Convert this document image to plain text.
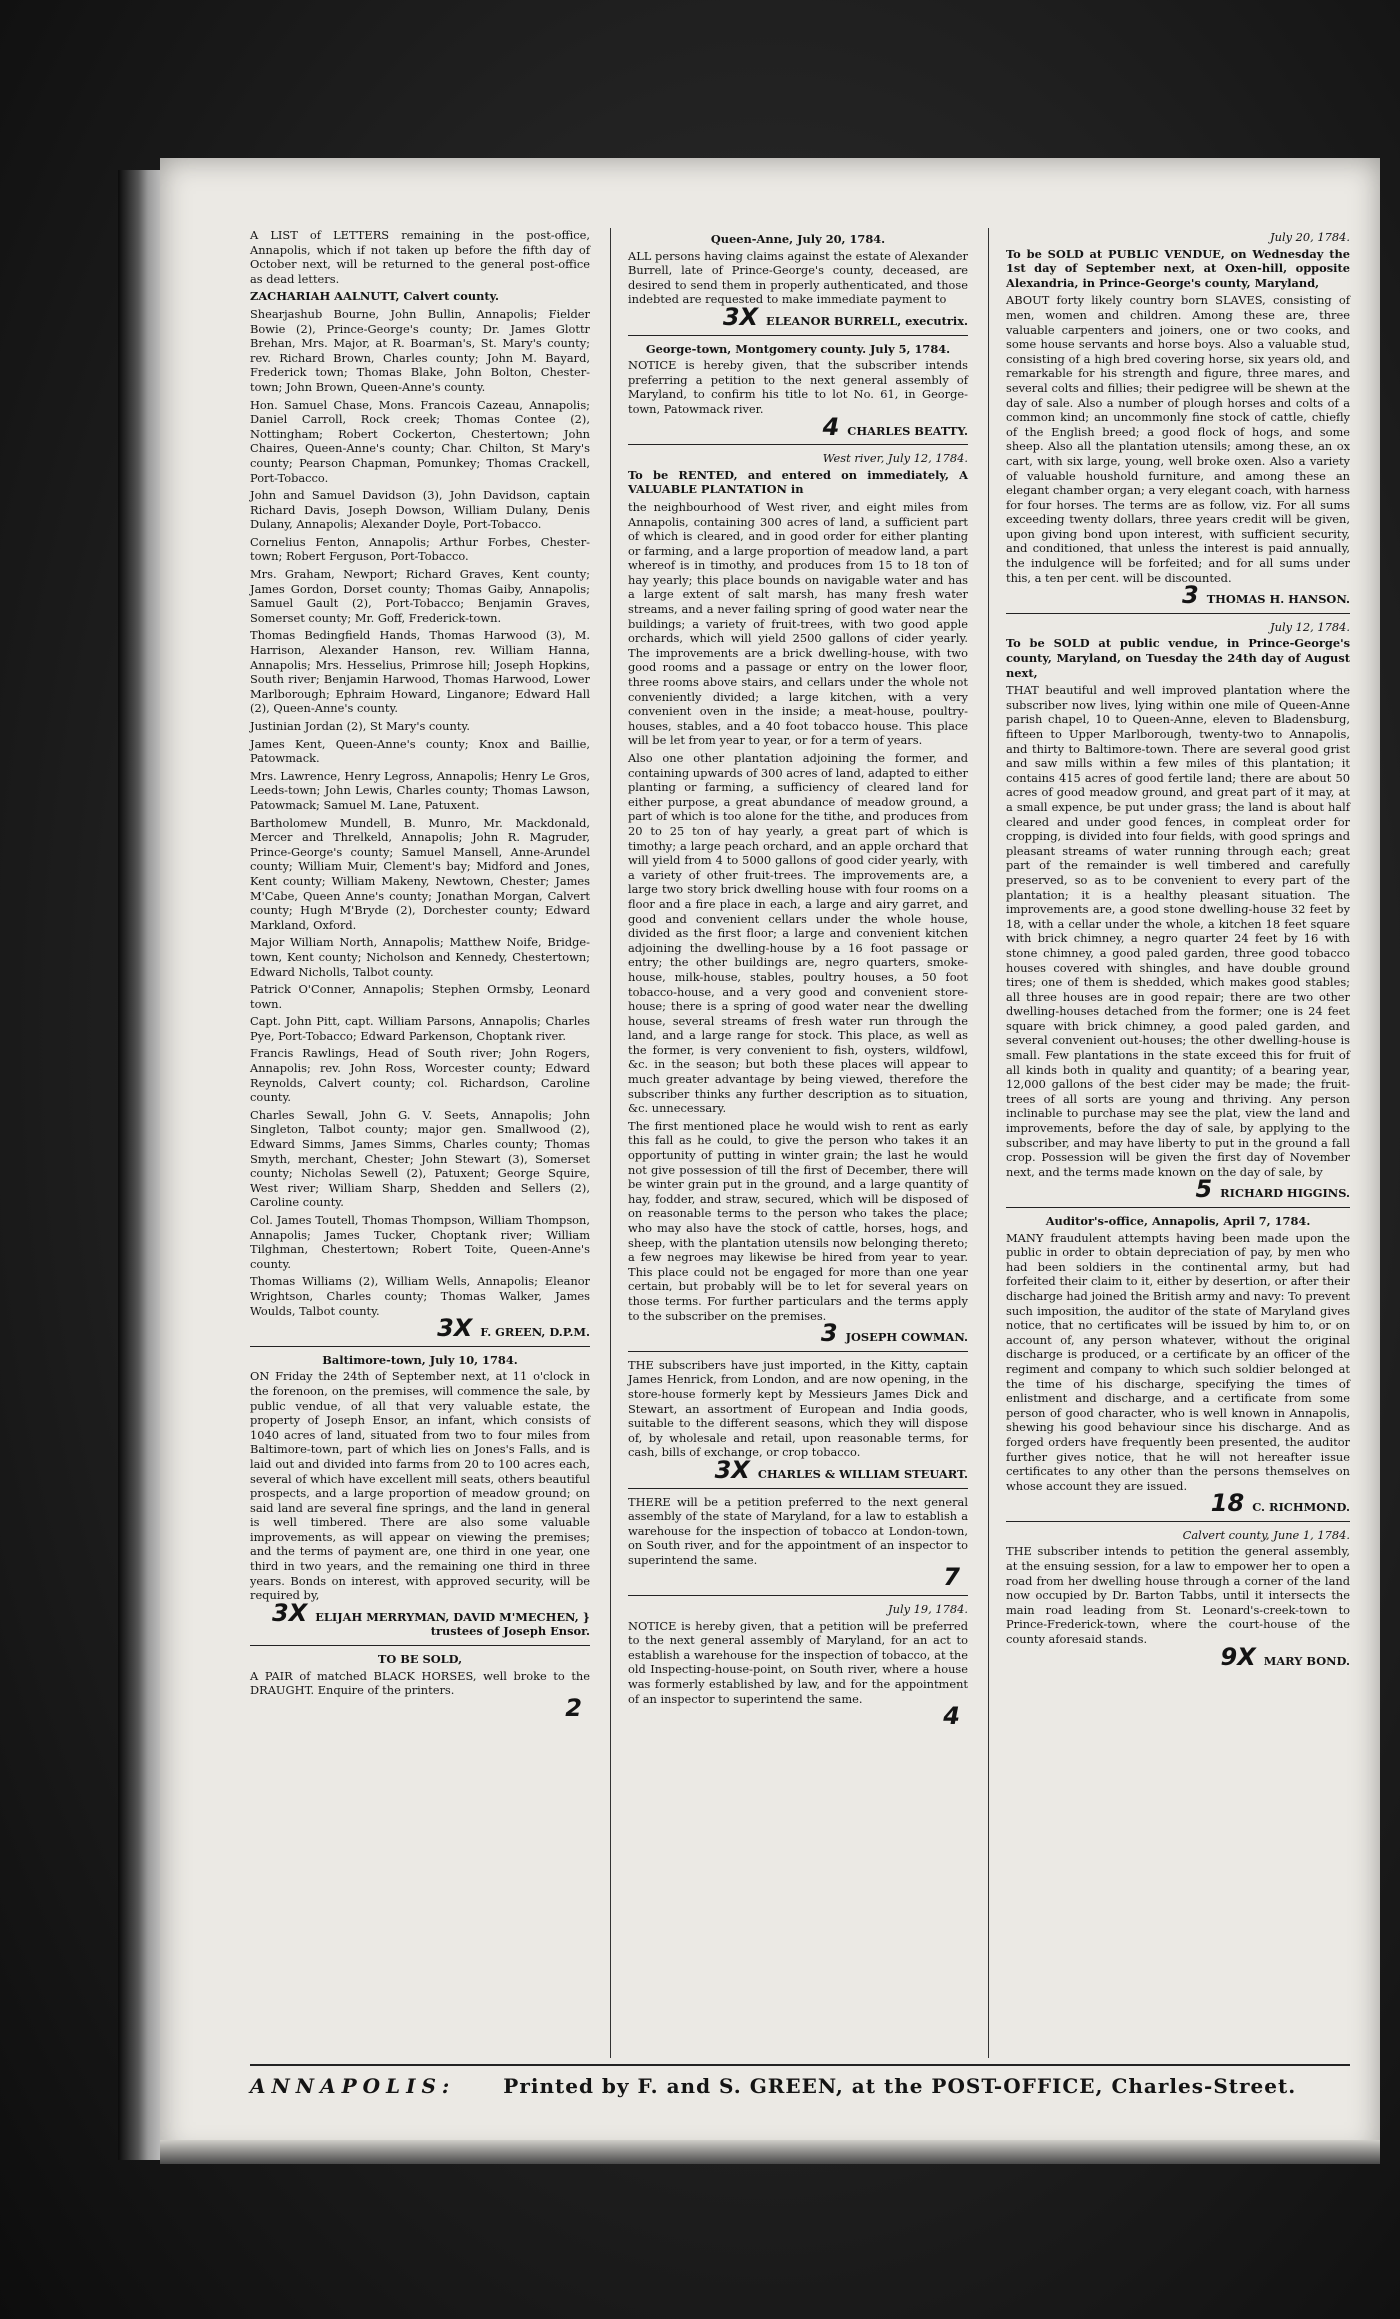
A LIST of LETTERS remaining in the post-office, Annapolis, which if not taken up before the fifth day of October next, will be returned to the general post-office as dead letters.

ZACHARIAH AALNUTT, Calvert county.

Shearjashub Bourne, John Bullin, Annapolis; Fielder Bowie (2), Prince-George's county; Dr. James Glottr Brehan, Mrs. Major, at R. Boarman's, St. Mary's county; rev. Richard Brown, Charles county; John M. Bayard, Frederick town; Thomas Blake, John Bolton, Chester-town; John Brown, Queen-Anne's county.

Hon. Samuel Chase, Mons. Francois Cazeau, Annapolis; Daniel Carroll, Rock creek; Thomas Contee (2), Nottingham; Robert Cockerton, Chestertown; John Chaires, Queen-Anne's county; Char. Chilton, St Mary's county; Pearson Chapman, Pomunkey; Thomas Crackell, Port-Tobacco.

John and Samuel Davidson (3), John Davidson, captain Richard Davis, Joseph Dowson, William Dulany, Denis Dulany, Annapolis; Alexander Doyle, Port-Tobacco.

Cornelius Fenton, Annapolis; Arthur Forbes, Chester-town; Robert Ferguson, Port-Tobacco.

Mrs. Graham, Newport; Richard Graves, Kent county; James Gordon, Dorset county; Thomas Gaiby, Annapolis; Samuel Gault (2), Port-Tobacco; Benjamin Graves, Somerset county; Mr. Goff, Frederick-town.

Thomas Bedingfield Hands, Thomas Harwood (3), M. Harrison, Alexander Hanson, rev. William Hanna, Annapolis; Mrs. Hesselius, Primrose hill; Joseph Hopkins, South river; Benjamin Harwood, Thomas Harwood, Lower Marlborough; Ephraim Howard, Linganore; Edward Hall (2), Queen-Anne's county.

Justinian Jordan (2), St Mary's county.

James Kent, Queen-Anne's county; Knox and Baillie, Patowmack.

Mrs. Lawrence, Henry Legross, Annapolis; Henry Le Gros, Leeds-town; John Lewis, Charles county; Thomas Lawson, Patowmack; Samuel M. Lane, Patuxent.

Bartholomew Mundell, B. Munro, Mr. Mackdonald, Mercer and Threlkeld, Annapolis; John R. Magruder, Prince-George's county; Samuel Mansell, Anne-Arundel county; William Muir, Clement's bay; Midford and Jones, Kent county; William Makeny, Newtown, Chester; James M'Cabe, Queen Anne's county; Jonathan Morgan, Calvert county; Hugh M'Bryde (2), Dorchester county; Edward Markland, Oxford.

Major William North, Annapolis; Matthew Noife, Bridge-town, Kent county; Nicholson and Kennedy, Chestertown; Edward Nicholls, Talbot county.

Patrick O'Conner, Annapolis; Stephen Ormsby, Leonard town.

Capt. John Pitt, capt. William Parsons, Annapolis; Charles Pye, Port-Tobacco; Edward Parkenson, Choptank river.

Francis Rawlings, Head of South river; John Rogers, Annapolis; rev. John Ross, Worcester county; Edward Reynolds, Calvert county; col. Richardson, Caroline county.

Charles Sewall, John G. V. Seets, Annapolis; John Singleton, Talbot county; major gen. Smallwood (2), Edward Simms, James Simms, Charles county; Thomas Smyth, merchant, Chester; John Stewart (3), Somerset county; Nicholas Sewell (2), Patuxent; George Squire, West river; William Sharp, Shedden and Sellers (2), Caroline county.

Col. James Toutell, Thomas Thompson, William Thompson, Annapolis; James Tucker, Choptank river; William Tilghman, Chestertown; Robert Toite, Queen-Anne's county.

Thomas Williams (2), William Wells, Annapolis; Eleanor Wrightson, Charles county; Thomas Walker, James Woulds, Talbot county.

3X F. GREEN, D.P.M.
Baltimore-town, July 10, 1784.

ON Friday the 24th of September next, at 11 o'clock in the forenoon, on the premises, will commence the sale, by public vendue, of all that very valuable estate, the property of Joseph Ensor, an infant, which consists of 1040 acres of land, situated from two to four miles from Baltimore-town, part of which lies on Jones's Falls, and is laid out and divided into farms from 20 to 100 acres each, several of which have excellent mill seats, others beautiful prospects, and a large proportion of meadow ground; on said land are several fine springs, and the land in general is well timbered. There are also some valuable improvements, as will appear on viewing the premises; and the terms of payment are, one third in one year, one third in two years, and the remaining one third in three years. Bonds on interest, with approved security, will be required by,

3X ELIJAH MERRYMAN, DAVID M'MECHEN, } trustees of Joseph Ensor.
TO BE SOLD,

A PAIR of matched BLACK HORSES, well broke to the DRAUGHT. Enquire of the printers.

2
Queen-Anne, July 20, 1784.

ALL persons having claims against the estate of Alexander Burrell, late of Prince-George's county, deceased, are desired to send them in properly authenticated, and those indebted are requested to make immediate payment to

3X ELEANOR BURRELL, executrix.
George-town, Montgomery county. July 5, 1784.

NOTICE is hereby given, that the subscriber intends preferring a petition to the next general assembly of Maryland, to confirm his title to lot No. 61, in George-town, Patowmack river.

4 CHARLES BEATTY.
West river, July 12, 1784.

To be RENTED, and entered on immediately, A VALUABLE PLANTATION in

the neighbourhood of West river, and eight miles from Annapolis, containing 300 acres of land, a sufficient part of which is cleared, and in good order for either planting or farming, and a large proportion of meadow land, a part whereof is in timothy, and produces from 15 to 18 ton of hay yearly; this place bounds on navigable water and has a large extent of salt marsh, has many fresh water streams, and a never failing spring of good water near the buildings; a variety of fruit-trees, with two good apple orchards, which will yield 2500 gallons of cider yearly. The improvements are a brick dwelling-house, with two good rooms and a passage or entry on the lower floor, three rooms above stairs, and cellars under the whole not conveniently divided; a large kitchen, with a very convenient oven in the inside; a meat-house, poultry-houses, stables, and a 40 foot tobacco house. This place will be let from year to year, or for a term of years.

Also one other plantation adjoining the former, and containing upwards of 300 acres of land, adapted to either planting or farming, a sufficiency of cleared land for either purpose, a great abundance of meadow ground, a part of which is too alone for the tithe, and produces from 20 to 25 ton of hay yearly, a great part of which is timothy; a large peach orchard, and an apple orchard that will yield from 4 to 5000 gallons of good cider yearly, with a variety of other fruit-trees. The improvements are, a large two story brick dwelling house with four rooms on a floor and a fire place in each, a large and airy garret, and good and convenient cellars under the whole house, divided as the first floor; a large and convenient kitchen adjoining the dwelling-house by a 16 foot passage or entry; the other buildings are, negro quarters, smoke-house, milk-house, stables, poultry houses, a 50 foot tobacco-house, and a very good and convenient store-house; there is a spring of good water near the dwelling house, several streams of fresh water run through the land, and a large range for stock. This place, as well as the former, is very convenient to fish, oysters, wildfowl, &c. in the season; but both these places will appear to much greater advantage by being viewed, therefore the subscriber thinks any further description as to situation, &c. unnecessary.

The first mentioned place he would wish to rent as early this fall as he could, to give the person who takes it an opportunity of putting in winter grain; the last he would not give possession of till the first of December, there will be winter grain put in the ground, and a large quantity of hay, fodder, and straw, secured, which will be disposed of on reasonable terms to the person who takes the place; who may also have the stock of cattle, horses, hogs, and sheep, with the plantation utensils now belonging thereto; a few negroes may likewise be hired from year to year. This place could not be engaged for more than one year certain, but probably will be to let for several years on those terms. For further particulars and the terms apply to the subscriber on the premises.

3 JOSEPH COWMAN.

THE subscribers have just imported, in the Kitty, captain James Henrick, from London, and are now opening, in the store-house formerly kept by Messieurs James Dick and Stewart, an assortment of European and India goods, suitable to the different seasons, which they will dispose of, by wholesale and retail, upon reasonable terms, for cash, bills of exchange, or crop tobacco.

3X CHARLES & WILLIAM STEUART.

THERE will be a petition preferred to the next general assembly of the state of Maryland, for a law to establish a warehouse for the inspection of tobacco at London-town, on South river, and for the appointment of an inspector to superintend the same.

7
July 19, 1784.

NOTICE is hereby given, that a petition will be preferred to the next general assembly of Maryland, for an act to establish a warehouse for the inspection of tobacco, at the old Inspecting-house-point, on South river, where a house was formerly established by law, and for the appointment of an inspector to superintend the same.

4
July 20, 1784.

To be SOLD at PUBLIC VENDUE, on Wednesday the 1st day of September next, at Oxen-hill, opposite Alexandria, in Prince-George's county, Maryland,

ABOUT forty likely country born SLAVES, consisting of men, women and children. Among these are, three valuable carpenters and joiners, one or two cooks, and some house servants and horse boys. Also a valuable stud, consisting of a high bred covering horse, six years old, and remarkable for his strength and figure, three mares, and several colts and fillies; their pedigree will be shewn at the day of sale. Also a number of plough horses and colts of a common kind; an uncommonly fine stock of cattle, chiefly of the English breed; a good flock of hogs, and some sheep. Also all the plantation utensils; among these, an ox cart, with six large, young, well broke oxen. Also a variety of valuable houshold furniture, and among these an elegant chamber organ; a very elegant coach, with harness for four horses. The terms are as follow, viz. For all sums exceeding twenty dollars, three years credit will be given, upon giving bond upon interest, with sufficient security, and conditioned, that unless the interest is paid annually, the indulgence will be forfeited; and for all sums under this, a ten per cent. will be discounted.

3 THOMAS H. HANSON.
July 12, 1784.

To be SOLD at public vendue, in Prince-George's county, Maryland, on Tuesday the 24th day of August next,

THAT beautiful and well improved plantation where the subscriber now lives, lying within one mile of Queen-Anne parish chapel, 10 to Queen-Anne, eleven to Bladensburg, fifteen to Upper Marlborough, twenty-two to Annapolis, and thirty to Baltimore-town. There are several good grist and saw mills within a few miles of this plantation; it contains 415 acres of good fertile land; there are about 50 acres of good meadow ground, and great part of it may, at a small expence, be put under grass; the land is about half cleared and under good fences, in compleat order for cropping, is divided into four fields, with good springs and pleasant streams of water running through each; great part of the remainder is well timbered and carefully preserved, so as to be convenient to every part of the plantation; it is a healthy pleasant situation. The improvements are, a good stone dwelling-house 32 feet by 18, with a cellar under the whole, a kitchen 18 feet square with brick chimney, a negro quarter 24 feet by 16 with stone chimney, a good paled garden, three good tobacco houses covered with shingles, and have double ground tires; one of them is shedded, which makes good stables; all three houses are in good repair; there are two other dwelling-houses detached from the former; one is 24 feet square with brick chimney, a good paled garden, and several convenient out-houses; the other dwelling-house is small. Few plantations in the state exceed this for fruit of all kinds both in quality and quantity; of a bearing year, 12,000 gallons of the best cider may be made; the fruit-trees of all sorts are young and thriving. Any person inclinable to purchase may see the plat, view the land and improvements, before the day of sale, by applying to the subscriber, and may have liberty to put in the ground a fall crop. Possession will be given the first day of November next, and the terms made known on the day of sale, by

5 RICHARD HIGGINS.
Auditor's-office, Annapolis, April 7, 1784.

MANY fraudulent attempts having been made upon the public in order to obtain depreciation of pay, by men who had been soldiers in the continental army, but had forfeited their claim to it, either by desertion, or after their discharge had joined the British army and navy: To prevent such imposition, the auditor of the state of Maryland gives notice, that no certificates will be issued by him to, or on account of, any person whatever, without the original discharge is produced, or a certificate by an officer of the regiment and company to which such soldier belonged at the time of his discharge, specifying the times of enlistment and discharge, and a certificate from some person of good character, who is well known in Annapolis, shewing his good behaviour since his discharge. And as forged orders have frequently been presented, the auditor further gives notice, that he will not hereafter issue certificates to any other than the persons themselves on whose account they are issued.

18 C. RICHMOND.
Calvert county, June 1, 1784.

THE subscriber intends to petition the general assembly, at the ensuing session, for a law to empower her to open a road from her dwelling house through a corner of the land now occupied by Dr. Barton Tabbs, until it intersects the main road leading from St. Leonard's-creek-town to Prince-Frederick-town, where the court-house of the county aforesaid stands.

9X MARY BOND.
ANNAPOLIS: Printed by F. and S. GREEN, at the POST-OFFICE, Charles-Street.
